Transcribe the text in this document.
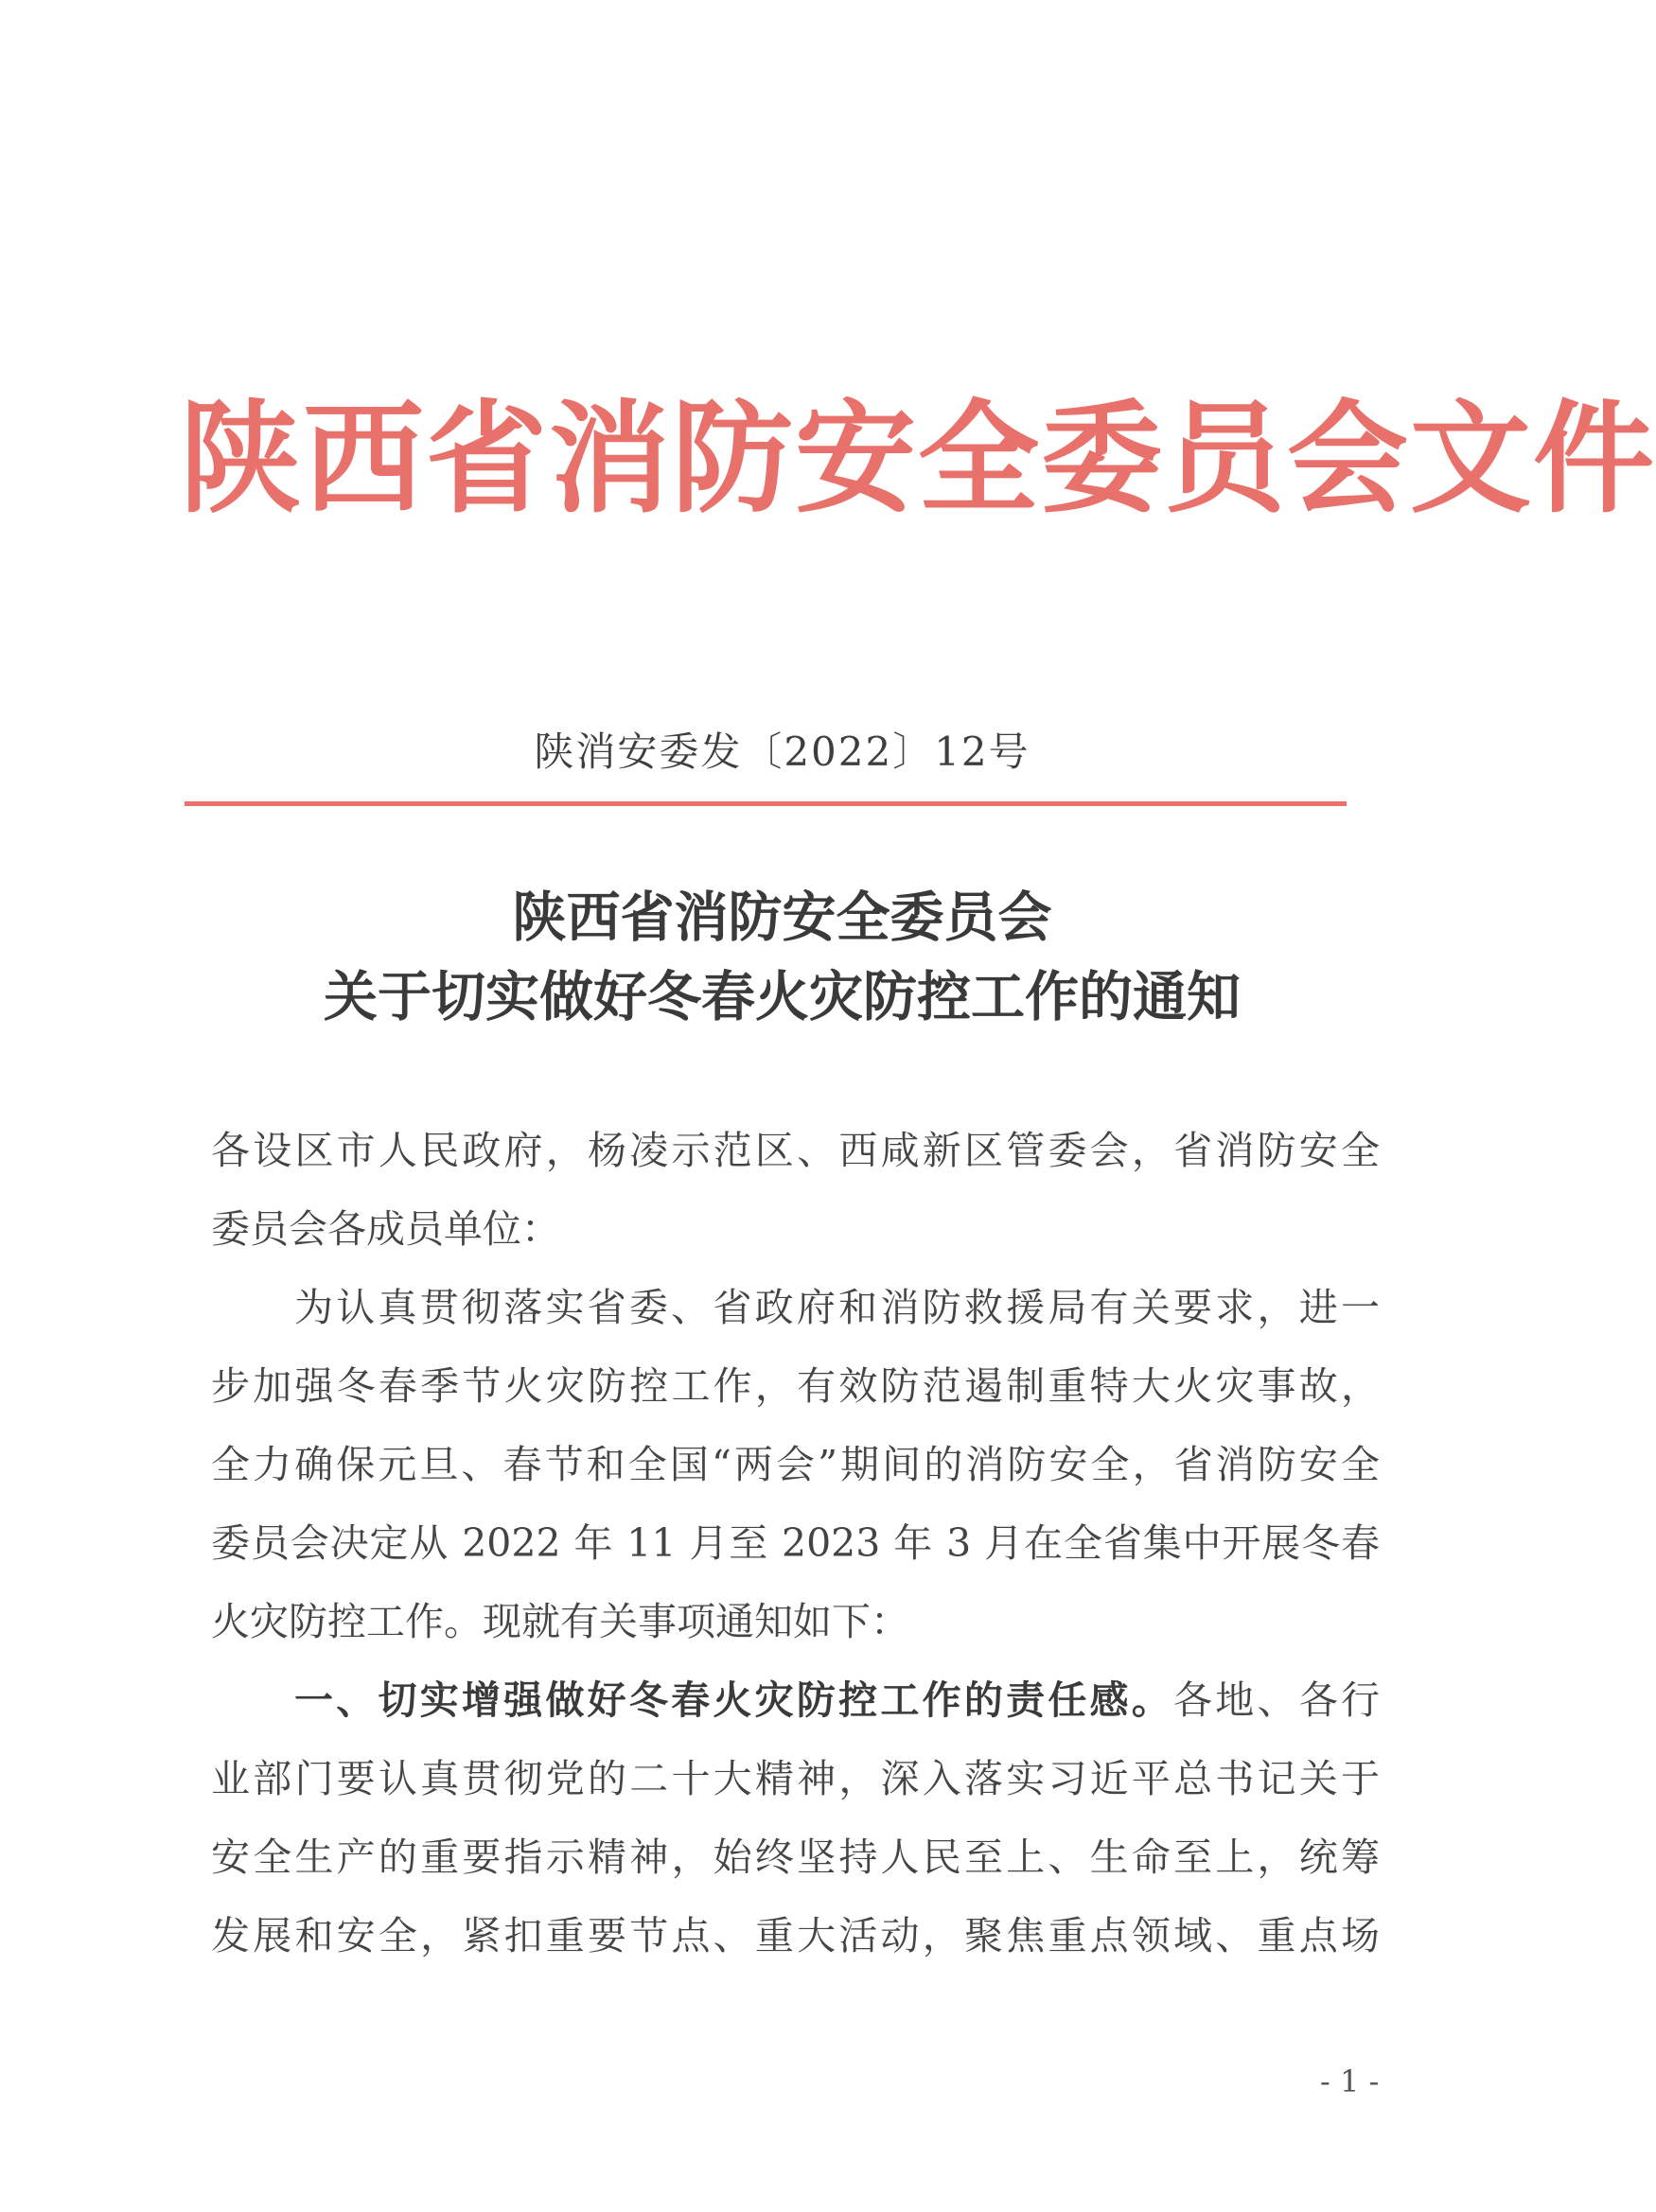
陕西省消防安全委员会文件
陕消安委发〔2022〕12号
陕西省消防安全委员会
关于切实做好冬春火灾防控工作的通知
各设区市人民政府，杨凌示范区、西咸新区管委会，省消防安全
委员会各成员单位：
为认真贯彻落实省委、省政府和消防救援局有关要求，进一
步加强冬春季节火灾防控工作，有效防范遏制重特大火灾事故，
全力确保元旦、春节和全国“两会”期间的消防安全，省消防安全
委员会决定从 2022 年 11 月至 2023 年 3 月在全省集中开展冬春
火灾防控工作。现就有关事项通知如下：
一、切实增强做好冬春火灾防控工作的责任感。各地、各行
业部门要认真贯彻党的二十大精神，深入落实习近平总书记关于
安全生产的重要指示精神，始终坚持人民至上、生命至上，统筹
发展和安全，紧扣重要节点、重大活动，聚焦重点领域、重点场
- 1 -
